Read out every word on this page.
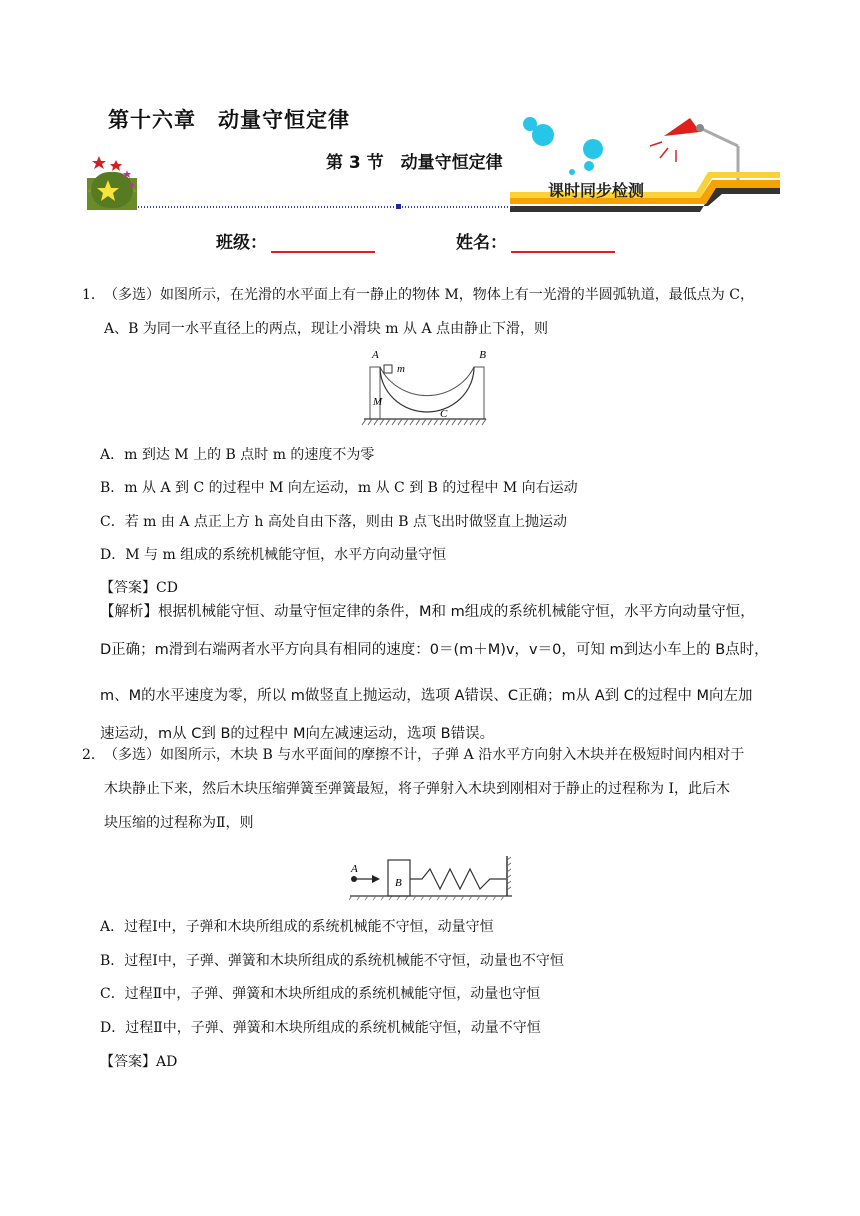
第十六章　动量守恒定律
第 3 节　动量守恒定律
课时同步检测
班级：	姓名：
1． （多选）如图所示，在光滑的水平面上有一静止的物体 M，物体上有一光滑的半圆弧轨道，最低点为 C，
A、B 为同一水平直径上的两点，现让小滑块 m 从 A 点由静止下滑，则
A
m
B
M
C
A．m 到达 M 上的 B 点时 m 的速度不为零
B．m 从 A 到 C 的过程中 M 向左运动，m 从 C 到 B 的过程中 M 向右运动
C．若 m 由 A 点正上方 h 高处自由下落，则由 B 点飞出时做竖直上抛运动
D．M 与 m 组成的系统机械能守恒，水平方向动量守恒
【答案】CD
【解析】根据机械能守恒、动量守恒定律的条件，M和 m组成的系统机械能守恒，水平方向动量守恒，
D正确；m滑到右端两者水平方向具有相同的速度：0＝(m＋M)v，v＝0，可知 m到达小车上的 B点时，
m、M的水平速度为零，所以 m做竖直上抛运动，选项 A错误、C正确；m从 A到 C的过程中 M向左加
速运动，m从 C到 B的过程中 M向左减速运动，选项 B错误。
2． （多选）如图所示，木块 B 与水平面间的摩擦不计，子弹 A 沿水平方向射入木块并在极短时间内相对于
木块静止下来，然后木块压缩弹簧至弹簧最短，将子弹射入木块到刚相对于静止的过程称为 I，此后木
块压缩的过程称为Ⅱ，则
A
B
A．过程Ⅰ中，子弹和木块所组成的系统机械能不守恒，动量守恒
B．过程Ⅰ中，子弹、弹簧和木块所组成的系统机械能不守恒，动量也不守恒
C．过程Ⅱ中，子弹、弹簧和木块所组成的系统机械能守恒，动量也守恒
D．过程Ⅱ中，子弹、弹簧和木块所组成的系统机械能守恒，动量不守恒
【答案】AD
